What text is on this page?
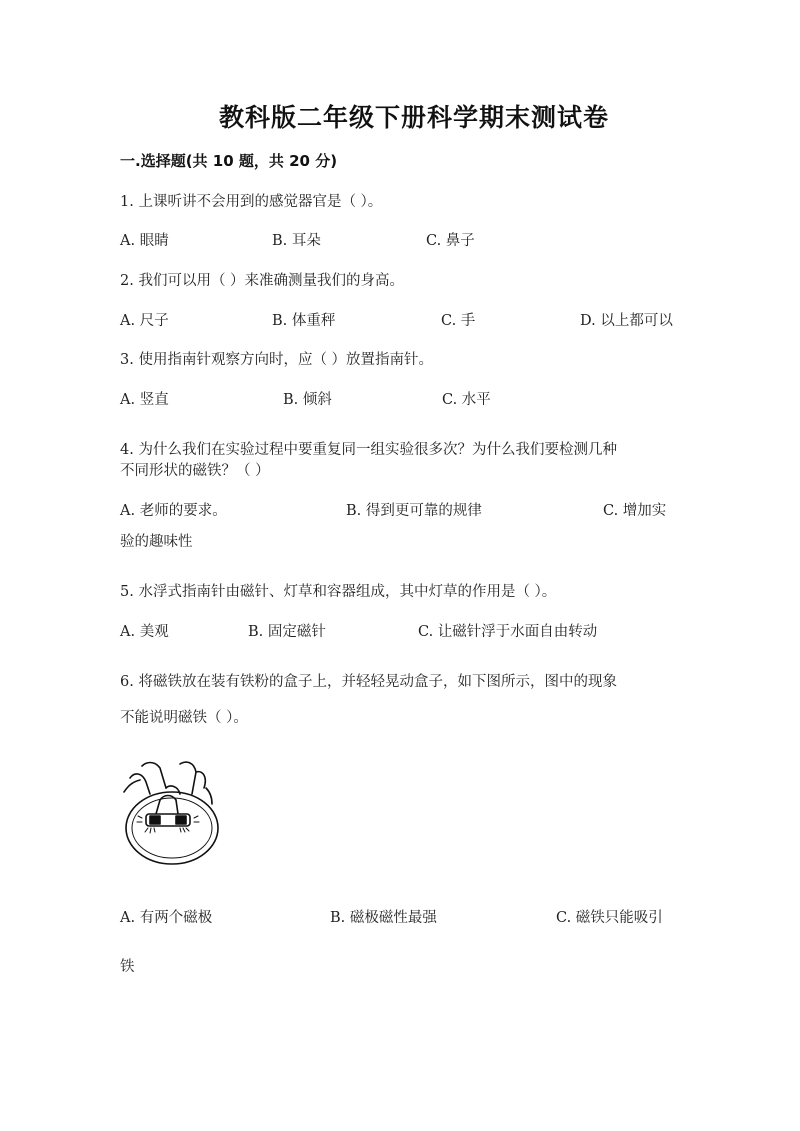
教科版二年级下册科学期末测试卷
一.选择题(共 10 题，共 20 分)
1. 上课听讲不会用到的感觉器官是（ ）。
A. 眼睛	B. 耳朵	C. 鼻子
2. 我们可以用（ ）来准确测量我们的身高。
A. 尺子	B. 体重秤	C. 手	D. 以上都可以
3. 使用指南针观察方向时，应（ ）放置指南针。
A. 竖直	B. 倾斜	C. 水平
4. 为什么我们在实验过程中要重复同一组实验很多次？为什么我们要检测几种
不同形状的磁铁？（ ）
A. 老师的要求。	B. 得到更可靠的规律	C. 增加实
验的趣味性
5. 水浮式指南针由磁针、灯草和容器组成，其中灯草的作用是（ ）。
A. 美观	B. 固定磁针	C. 让磁针浮于水面自由转动
6. 将磁铁放在装有铁粉的盒子上，并轻轻晃动盒子，如下图所示，图中的现象
不能说明磁铁（ ）。
A. 有两个磁极	B. 磁极磁性最强	C. 磁铁只能吸引
铁
